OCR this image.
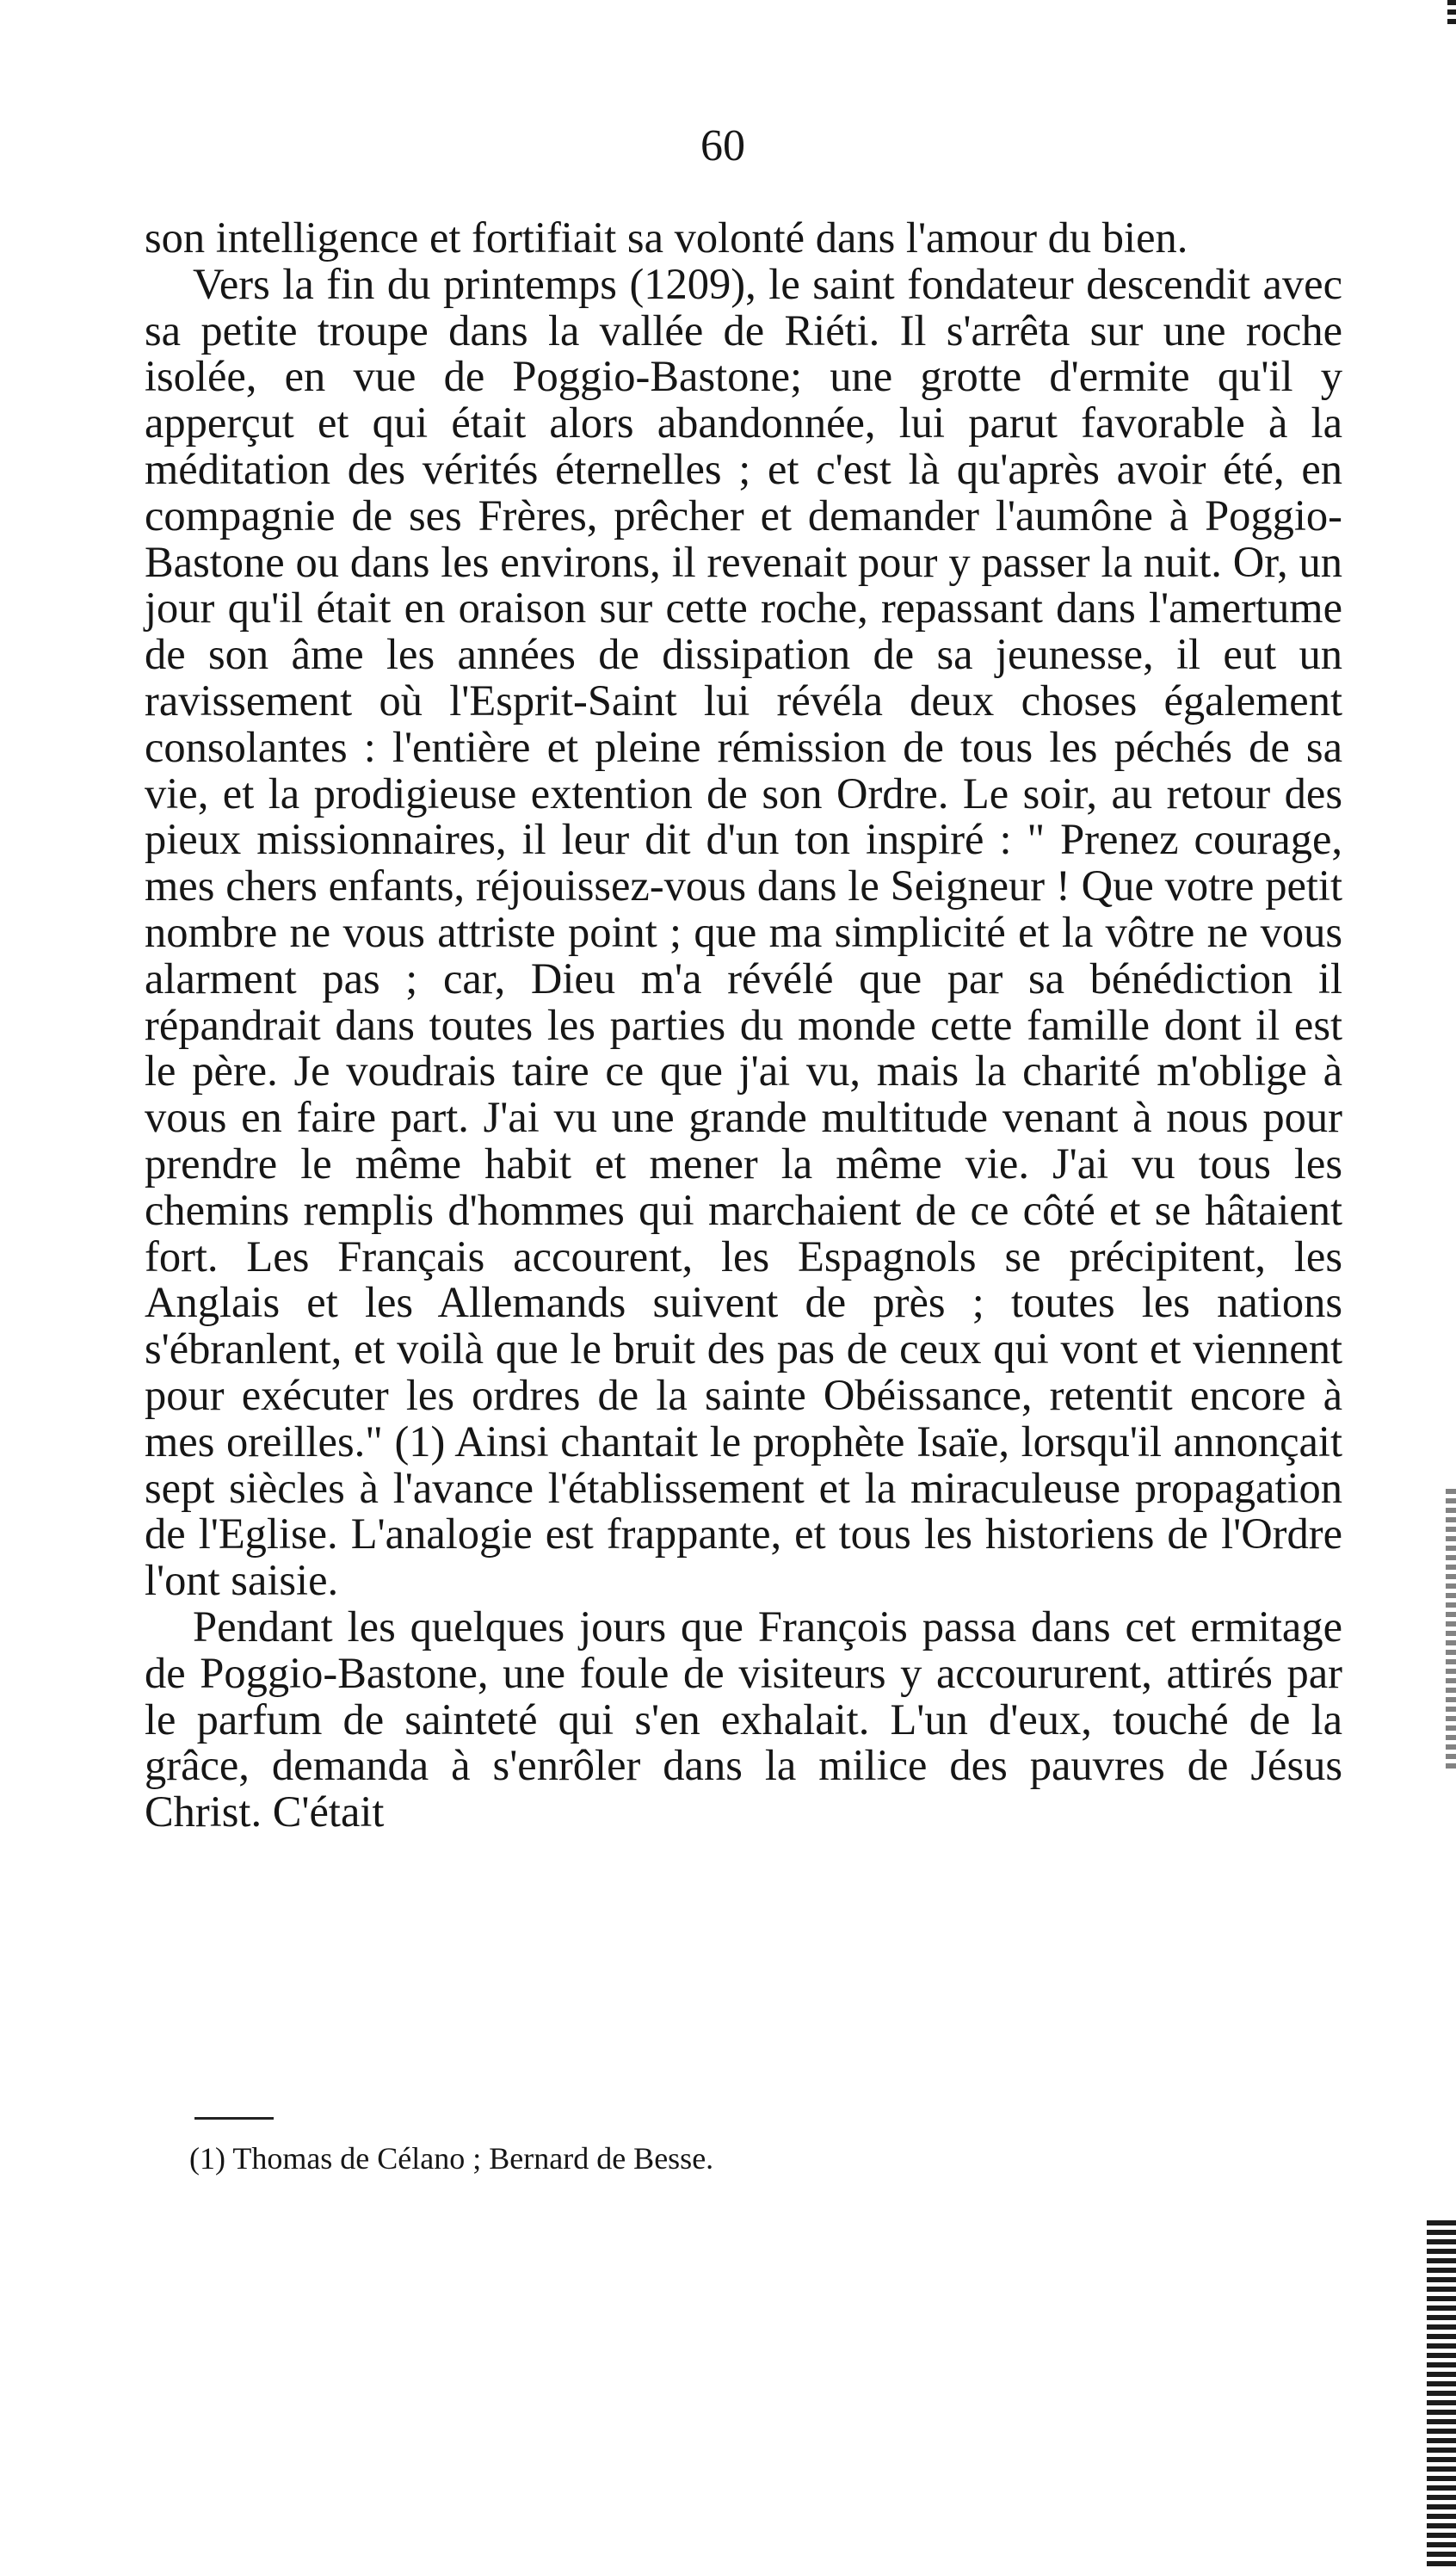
60

son intelligence et fortifiait sa volonté dans l'amour du bien.

Vers la fin du printemps (1209), le saint fondateur descendit avec sa petite troupe dans la vallée de Riéti. Il s'arrêta sur une roche isolée, en vue de Poggio-Bastone; une grotte d'ermite qu'il y apperçut et qui était alors abandonnée, lui parut favorable à la méditation des vérités éternelles ; et c'est là qu'après avoir été, en compagnie de ses Frères, prêcher et demander l'aumône à Poggio-Bastone ou dans les environs, il revenait pour y passer la nuit. Or, un jour qu'il était en oraison sur cette roche, repassant dans l'amertume de son âme les années de dissipation de sa jeunesse, il eut un ravissement où l'Esprit-Saint lui révéla deux choses également consolantes : l'entière et pleine rémission de tous les péchés de sa vie, et la prodigieuse extention de son Ordre. Le soir, au retour des pieux missionnaires, il leur dit d'un ton inspiré : " Prenez courage, mes chers enfants, réjouissez-vous dans le Seigneur ! Que votre petit nombre ne vous attriste point ; que ma simplicité et la vôtre ne vous alarment pas ; car, Dieu m'a révélé que par sa bénédiction il répandrait dans toutes les parties du monde cette famille dont il est le père. Je voudrais taire ce que j'ai vu, mais la charité m'oblige à vous en faire part. J'ai vu une grande multitude venant à nous pour prendre le même habit et mener la même vie. J'ai vu tous les chemins remplis d'hommes qui marchaient de ce côté et se hâtaient fort. Les Français accourent, les Espagnols se précipitent, les Anglais et les Allemands suivent de près ; toutes les nations s'ébranlent, et voilà que le bruit des pas de ceux qui vont et viennent pour exécuter les ordres de la sainte Obéissance, retentit encore à mes oreilles." (1) Ainsi chantait le prophète Isaïe, lorsqu'il annonçait sept siècles à l'avance l'établissement et la miraculeuse propagation de l'Eglise. L'analogie est frappante, et tous les historiens de l'Ordre l'ont saisie.

Pendant les quelques jours que François passa dans cet ermitage de Poggio-Bastone, une foule de visiteurs y accoururent, attirés par le parfum de sainteté qui s'en exhalait. L'un d'eux, touché de la grâce, demanda à s'enrôler dans la milice des pauvres de Jésus Christ. C'était

(1) Thomas de Célano ; Bernard de Besse.
